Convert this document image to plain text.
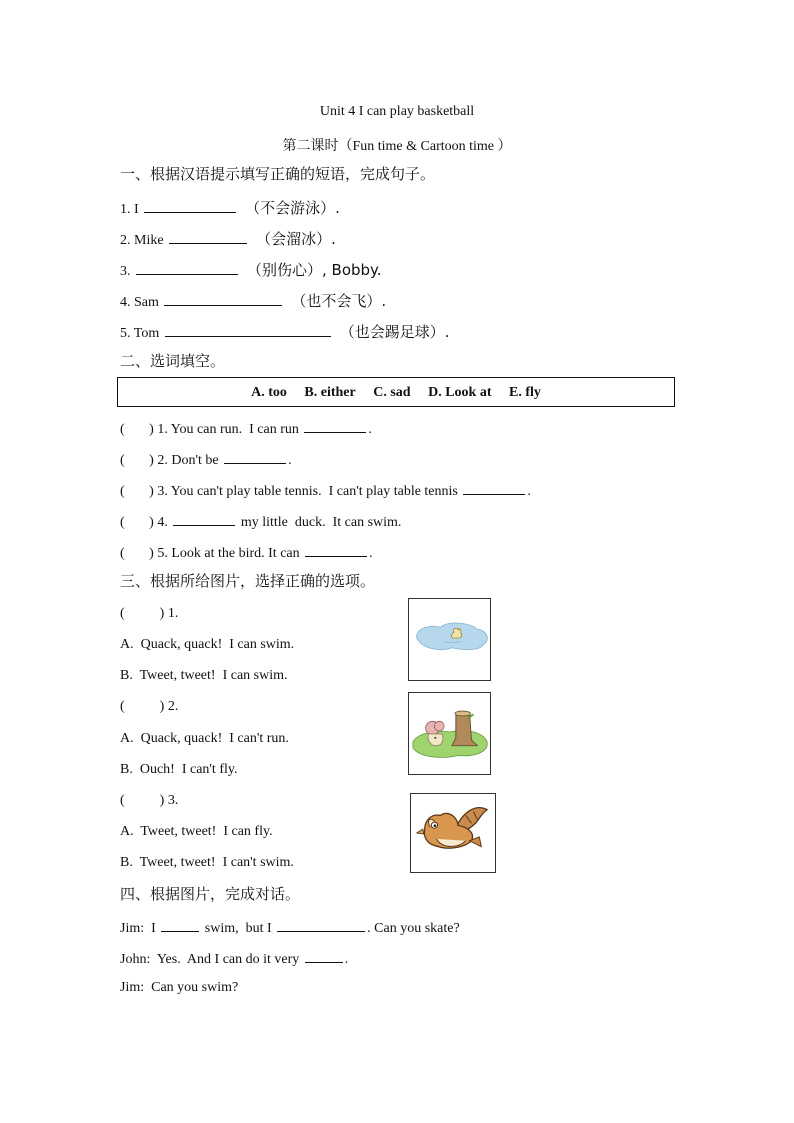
Unit 4 I can play basketball
第二课时（Fun time & Cartoon time ）
一、根据汉语提示填写正确的短语，完成句子。
1. I	（不会游泳）.
2. Mike	（会溜冰）.
3.	（别伤心）, Bobby.
4. Sam	（也不会飞）.
5. Tom	（也会踢足球）.
二、选词填空。
A. too B. either C. sad D. Look at E. fly
(       ) 1. You can run.  I can run	.
(       ) 2. Don't be	.
(       ) 3. You can't play table tennis.  I can't play table tennis	.
(       ) 4.	my little  duck.  It can swim.
(       ) 5. Look at the bird. It can	.
三、根据所给图片，选择正确的选项。
(          ) 1.
A.  Quack, quack!  I can swim.
B.  Tweet, tweet!  I can swim.
(          ) 2.
A.  Quack, quack!  I can't run.
B.  Ouch!  I can't fly.
(          ) 3.
A.  Tweet, tweet!  I can fly.
B.  Tweet, tweet!  I can't swim.
四、根据图片，完成对话。
Jim:  I	swim,  but I	. Can you skate?
John:  Yes.  And I can do it very	.
Jim:  Can you swim?
